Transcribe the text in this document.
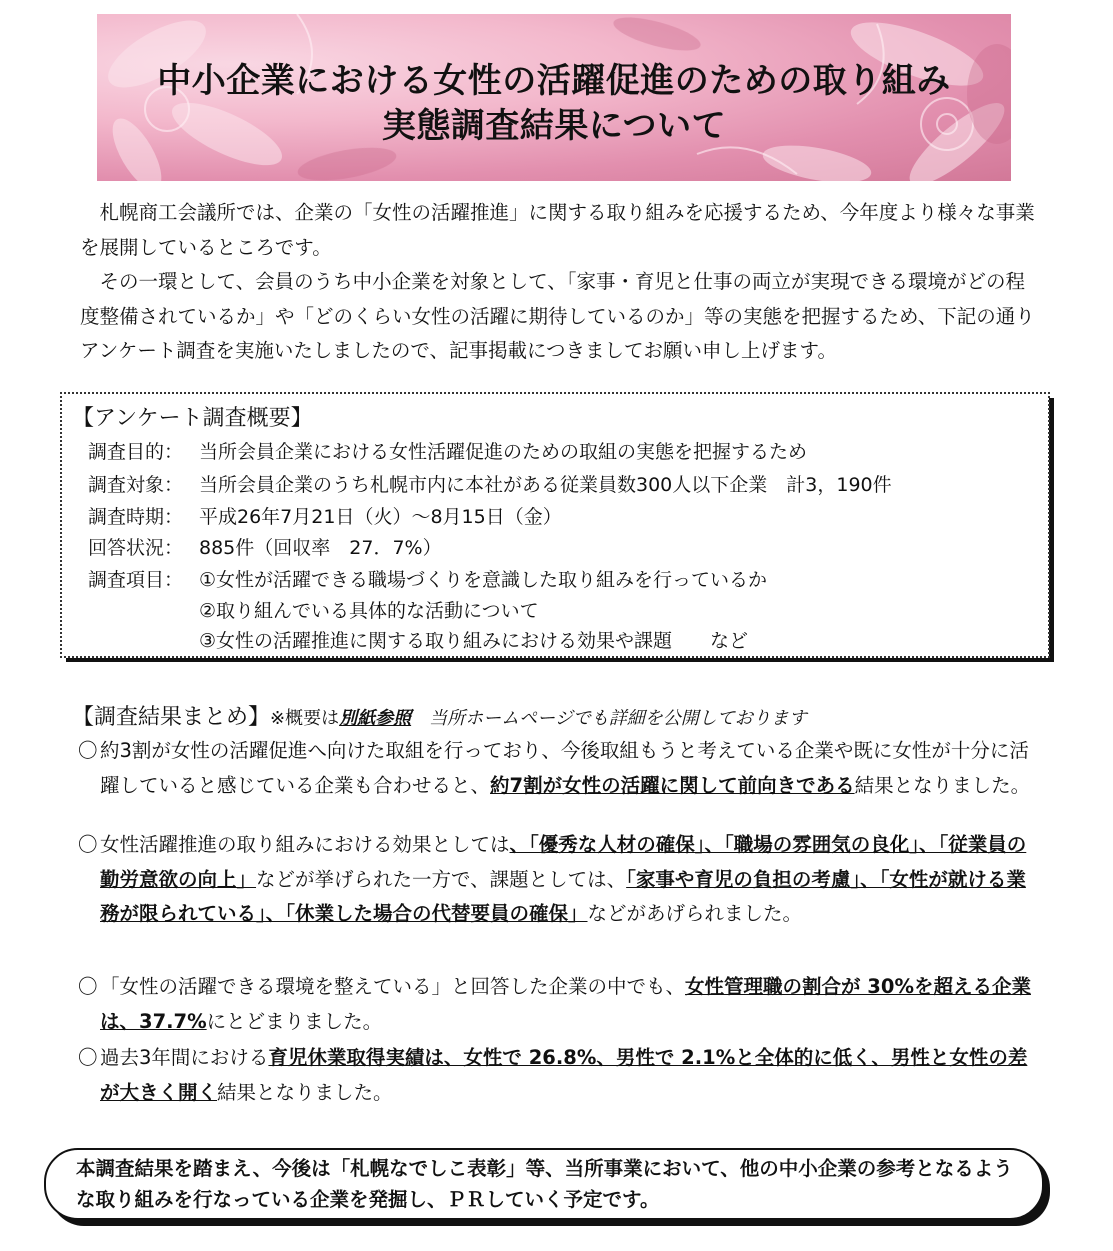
中小企業における女性の活躍促進のための取り組み
実態調査結果について

札幌商工会議所では、企業の「女性の活躍推進」に関する取り組みを応援するため、今年度より様々な事業を展開しているところです。

その一環として、会員のうち中小企業を対象として、「家事・育児と仕事の両立が実現できる環境がどの程度整備されているか」や「どのくらい女性の活躍に期待しているのか」等の実態を把握するため、下記の通りアンケート調査を実施いたしましたので、記事掲載につきましてお願い申し上げます。

【アンケート調査概要】
調査目的： 当所会員企業における女性活躍促進のための取組の実態を把握するため
調査対象： 当所会員企業のうち札幌市内に本社がある従業員数300人以下企業　計3，190件
調査時期： 平成26年7月21日（火）～8月15日（金）
回答状況： 885件（回収率　27．7%）
調査項目： ①女性が活躍できる職場づくりを意識した取り組みを行っているか
②取り組んでいる具体的な活動について
③女性の活躍推進に関する取り組みにおける効果や課題　　など
【調査結果まとめ】※概要は別紙参照　 当所ホームページでも詳細を公開しております
〇 約3割が女性の活躍促進へ向けた取組を行っており、今後取組もうと考えている企業や既に女性が十分に活躍していると感じている企業も合わせると、約7割が女性の活躍に関して前向きである結果となりました。
〇 女性活躍推進の取り組みにおける効果としては、「優秀な人材の確保」、「職場の雰囲気の良化」、「従業員の勤労意欲の向上」などが挙げられた一方で、課題としては、「家事や育児の負担の考慮」、「女性が就ける業務が限られている」、「休業した場合の代替要員の確保」などがあげられました。
〇 「女性の活躍できる環境を整えている」と回答した企業の中でも、女性管理職の割合が 30%を超える企業は、37.7%にとどまりました。
〇 過去3年間における育児休業取得実績は、女性で 26.8%、男性で 2.1%と全体的に低く、男性と女性の差が大きく開く結果となりました。
本調査結果を踏まえ、今後は「札幌なでしこ表彰」等、当所事業において、他の中小企業の参考となるような取り組みを行なっている企業を発掘し、ＰＲしていく予定です。
